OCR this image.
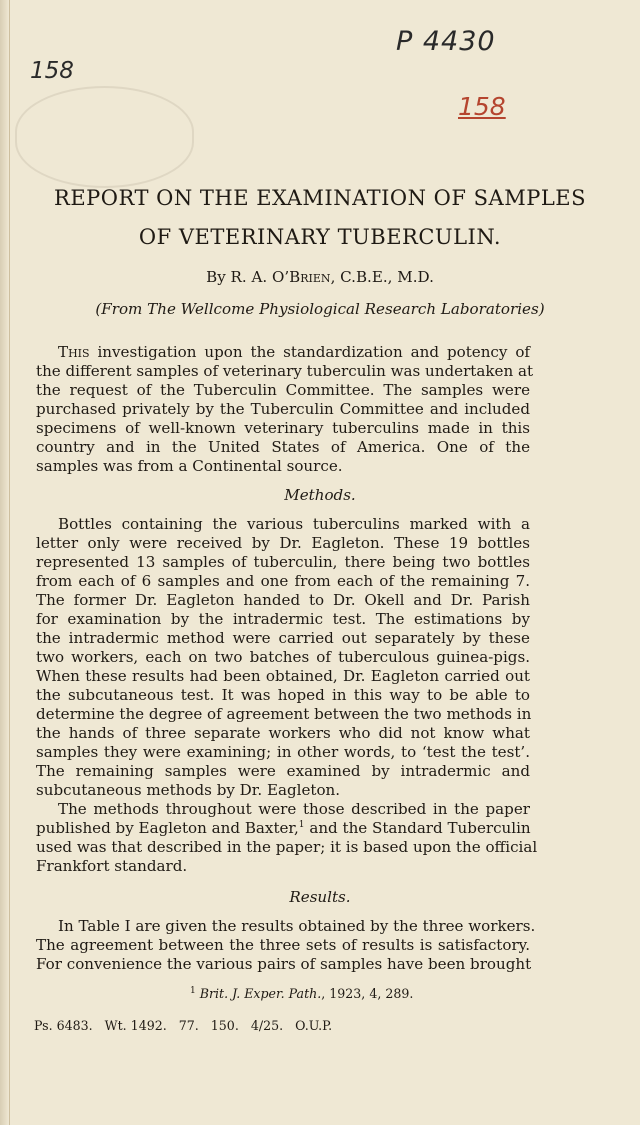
158
P 4430
158
REPORT ON THE EXAMINATION OF SAMPLES
OF VETERINARY TUBERCULIN.
By R. A. O’Brien, C.B.E., M.D.
(From The Wellcome Physiological Research Laboratories)
This investigation upon the standardization and potency of
the different samples of veterinary tuberculin was undertaken at
the request of the Tuberculin Committee. The samples were
purchased privately by the Tuberculin Committee and included
specimens of well-known veterinary tuberculins made in this
country and in the United States of America. One of the
samples was from a Continental source.
Methods.
Bottles containing the various tuberculins marked with a
letter only were received by Dr. Eagleton. These 19 bottles
represented 13 samples of tuberculin, there being two bottles
from each of 6 samples and one from each of the remaining 7.
The former Dr. Eagleton handed to Dr. Okell and Dr. Parish
for examination by the intradermic test. The estimations by
the intradermic method were carried out separately by these
two workers, each on two batches of tuberculous guinea-pigs.
When these results had been obtained, Dr. Eagleton carried out
the subcutaneous test. It was hoped in this way to be able to
determine the degree of agreement between the two methods in
the hands of three separate workers who did not know what
samples they were examining; in other words, to ‘test the test’.
The remaining samples were examined by intradermic and
subcutaneous methods by Dr. Eagleton.
The methods throughout were those described in the paper
published by Eagleton and Baxter,$^1$ and the Standard Tuberculin
used was that described in the paper; it is based upon the official
Frankfort standard.
Results.
In Table I are given the results obtained by the three workers.
The agreement between the three sets of results is satisfactory.
For convenience the various pairs of samples have been brought
$^1$ Brit. J. Exper. Path., 1923, 4, 289.
Ps. 6483.   Wt. 1492.   77.   150.   4/25.   O.U.P.
